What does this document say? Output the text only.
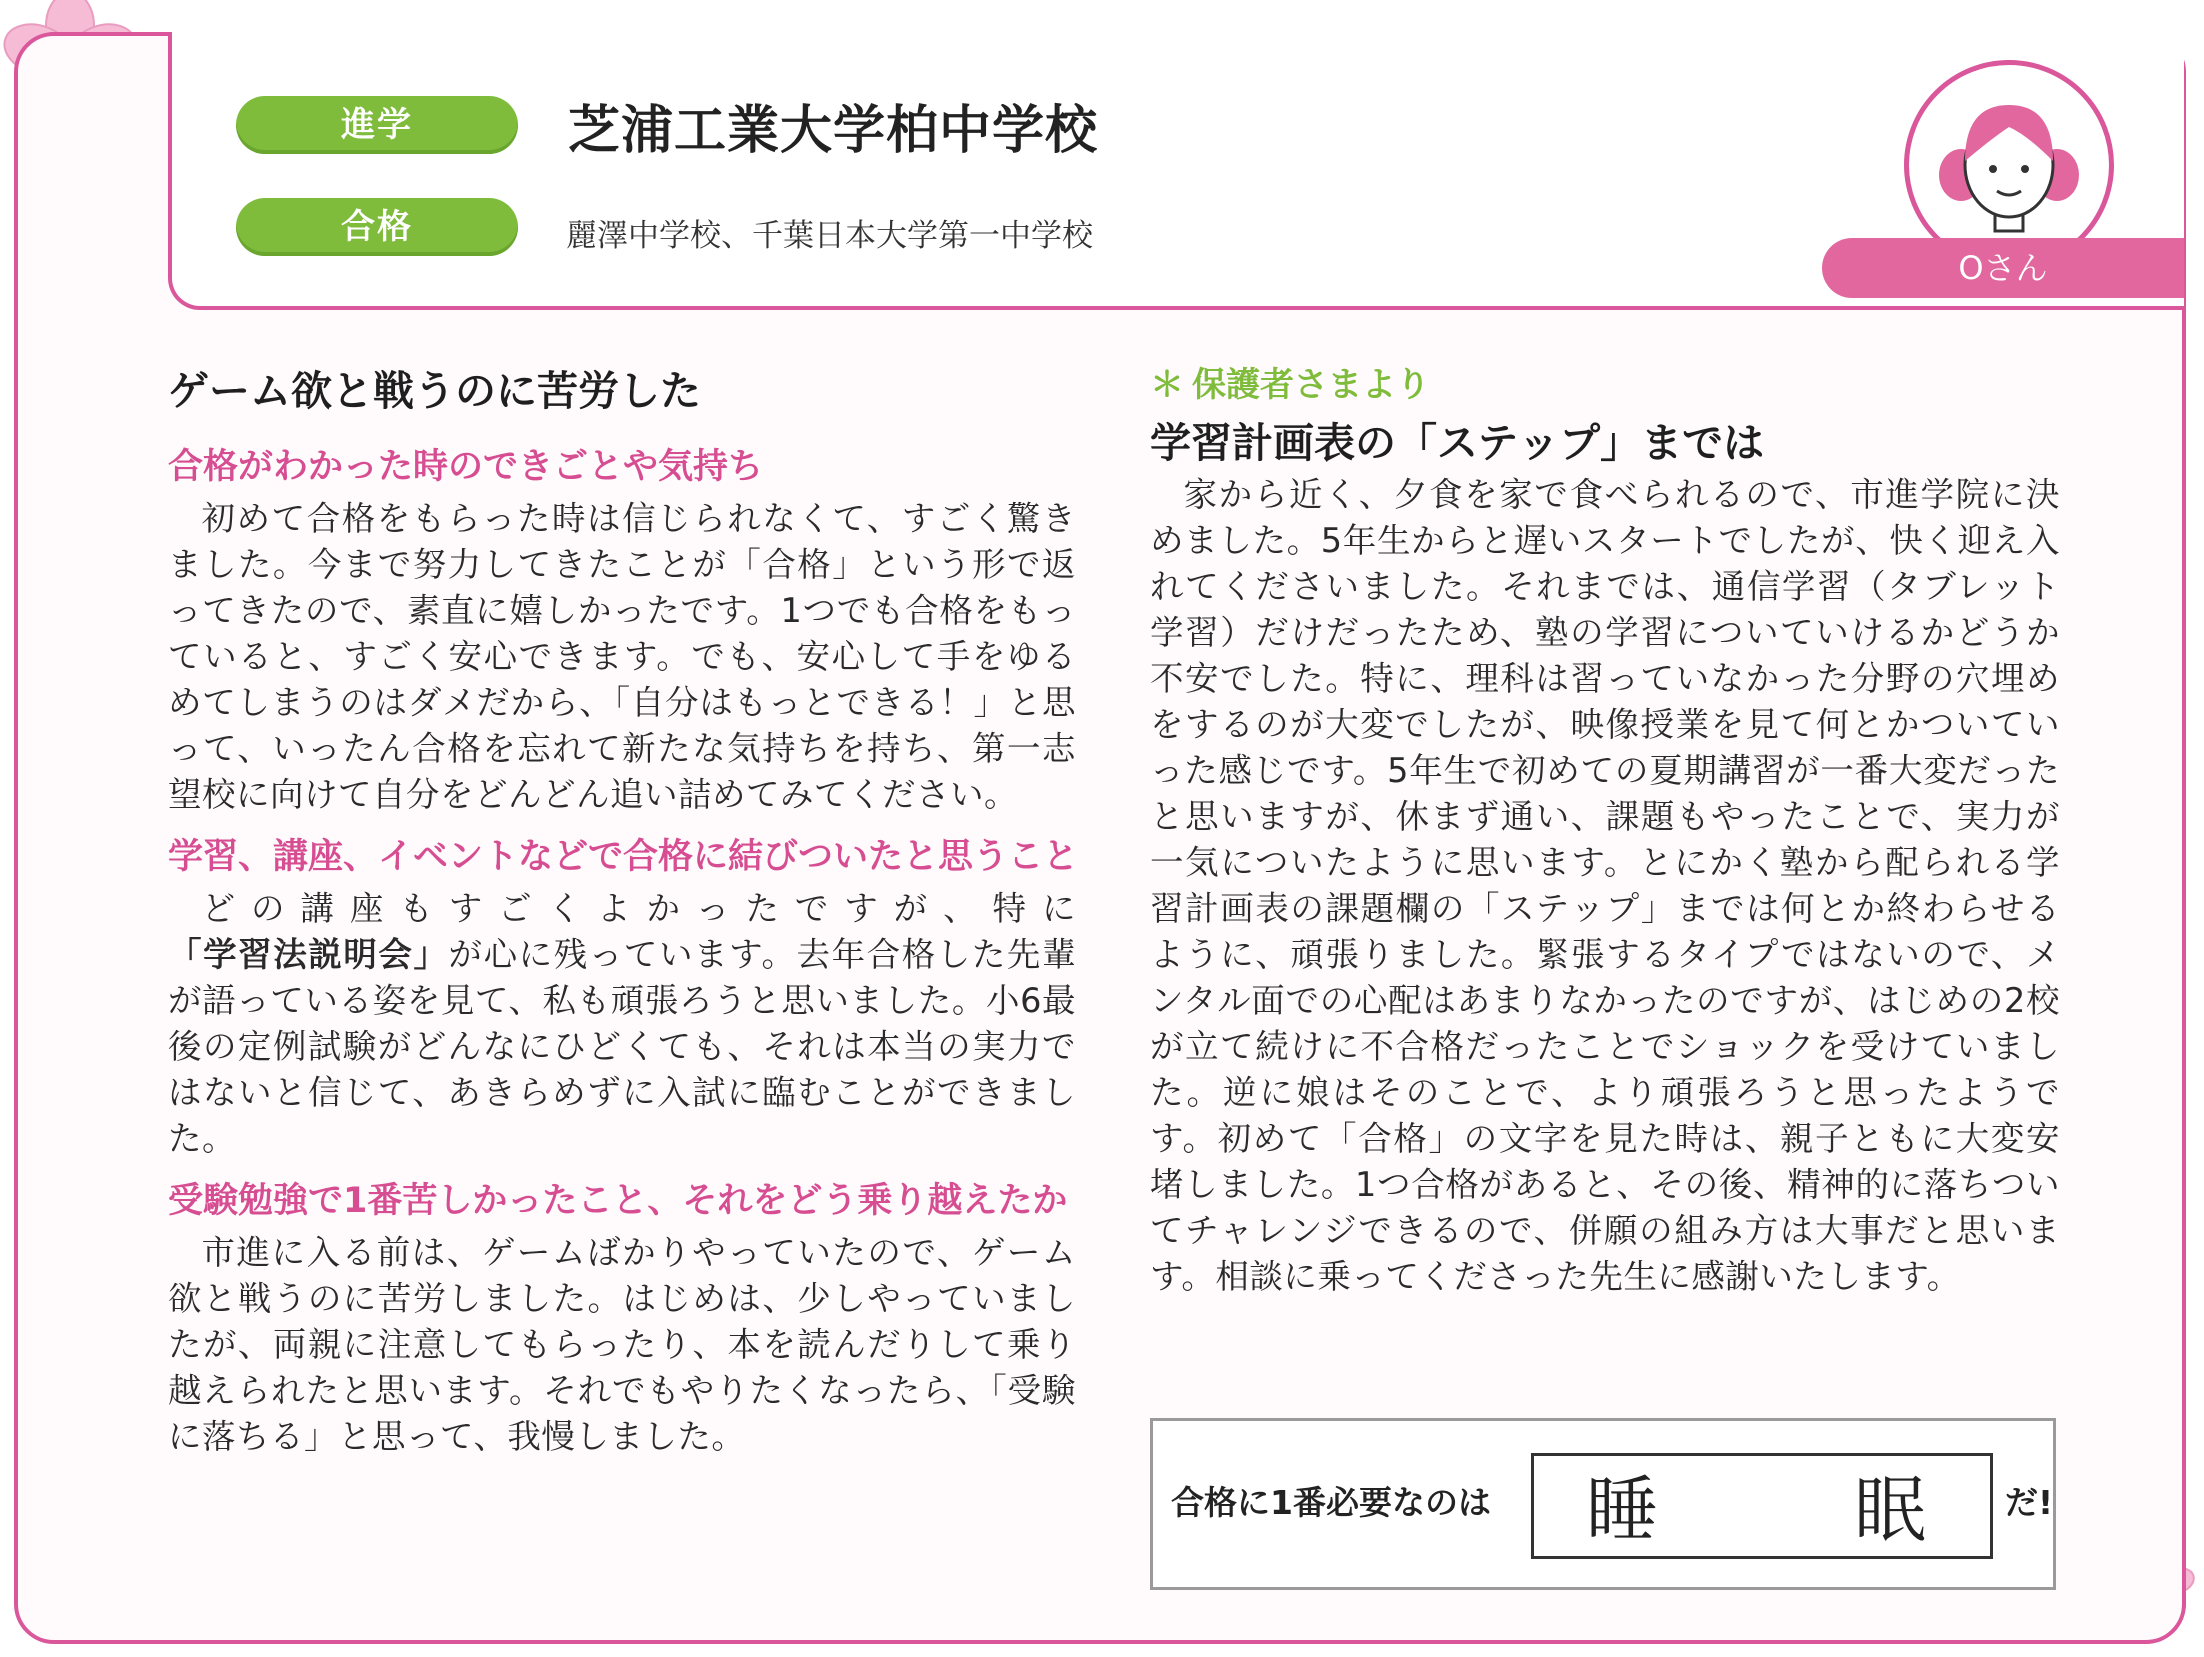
進学	芝浦工業大学柏中学校
合格	麗澤中学校、千葉日本大学第一中学校
Oさん
ゲーム欲と戦うのに苦労した
合格がわかった時のできごとや気持ち

初めて合格をもらった時は信じられなくて、すごく驚きました。今まで努力してきたことが「合格」という形で返ってきたので、素直に嬉しかったです。1つでも合格をもっていると、すごく安心できます。でも、安心して手をゆるめてしまうのはダメだから、「自分はもっとできる！」と思って、いったん合格を忘れて新たな気持ちを持ち、第一志望校に向けて自分をどんどん追い詰めてみてください。

学習、講座、イベントなどで合格に結びついたと思うこと

どの講座もすごくよかったですが、特に「学習法説明会」が心に残っています。去年合格した先輩が語っている姿を見て、私も頑張ろうと思いました。小6最後の定例試験がどんなにひどくても、それは本当の実力ではないと信じて、あきらめずに入試に臨むことができました。

受験勉強で1番苦しかったこと、それをどう乗り越えたか

市進に入る前は、ゲームばかりやっていたので、ゲーム欲と戦うのに苦労しました。はじめは、少しやっていましたが、両親に注意してもらったり、本を読んだりして乗り越えられたと思います。それでもやりたくなったら、「受験に落ちる」と思って、我慢しました。

＊ 保護者さまより

学習計画表の「ステップ」までは

家から近く、夕食を家で食べられるので、市進学院に決めました。5年生からと遅いスタートでしたが、快く迎え入れてくださいました。それまでは、通信学習（タブレット学習）だけだったため、塾の学習についていけるかどうか不安でした。特に、理科は習っていなかった分野の穴埋めをするのが大変でしたが、映像授業を見て何とかついていった感じです。5年生で初めての夏期講習が一番大変だったと思いますが、休まず通い、課題もやったことで、実力が一気についたように思います。とにかく塾から配られる学習計画表の課題欄の「ステップ」までは何とか終わらせるように、頑張りました。緊張するタイプではないので、メンタル面での心配はあまりなかったのですが、はじめの2校が立て続けに不合格だったことでショックを受けていました。逆に娘はそのことで、より頑張ろうと思ったようです。初めて「合格」の文字を見た時は、親子ともに大変安堵しました。1つ合格があると、その後、精神的に落ちついてチャレンジできるので、併願の組み方は大事だと思います。相談に乗ってくださった先生に感謝いたします。

合格に1番必要なのは 睡	眠 だ!
